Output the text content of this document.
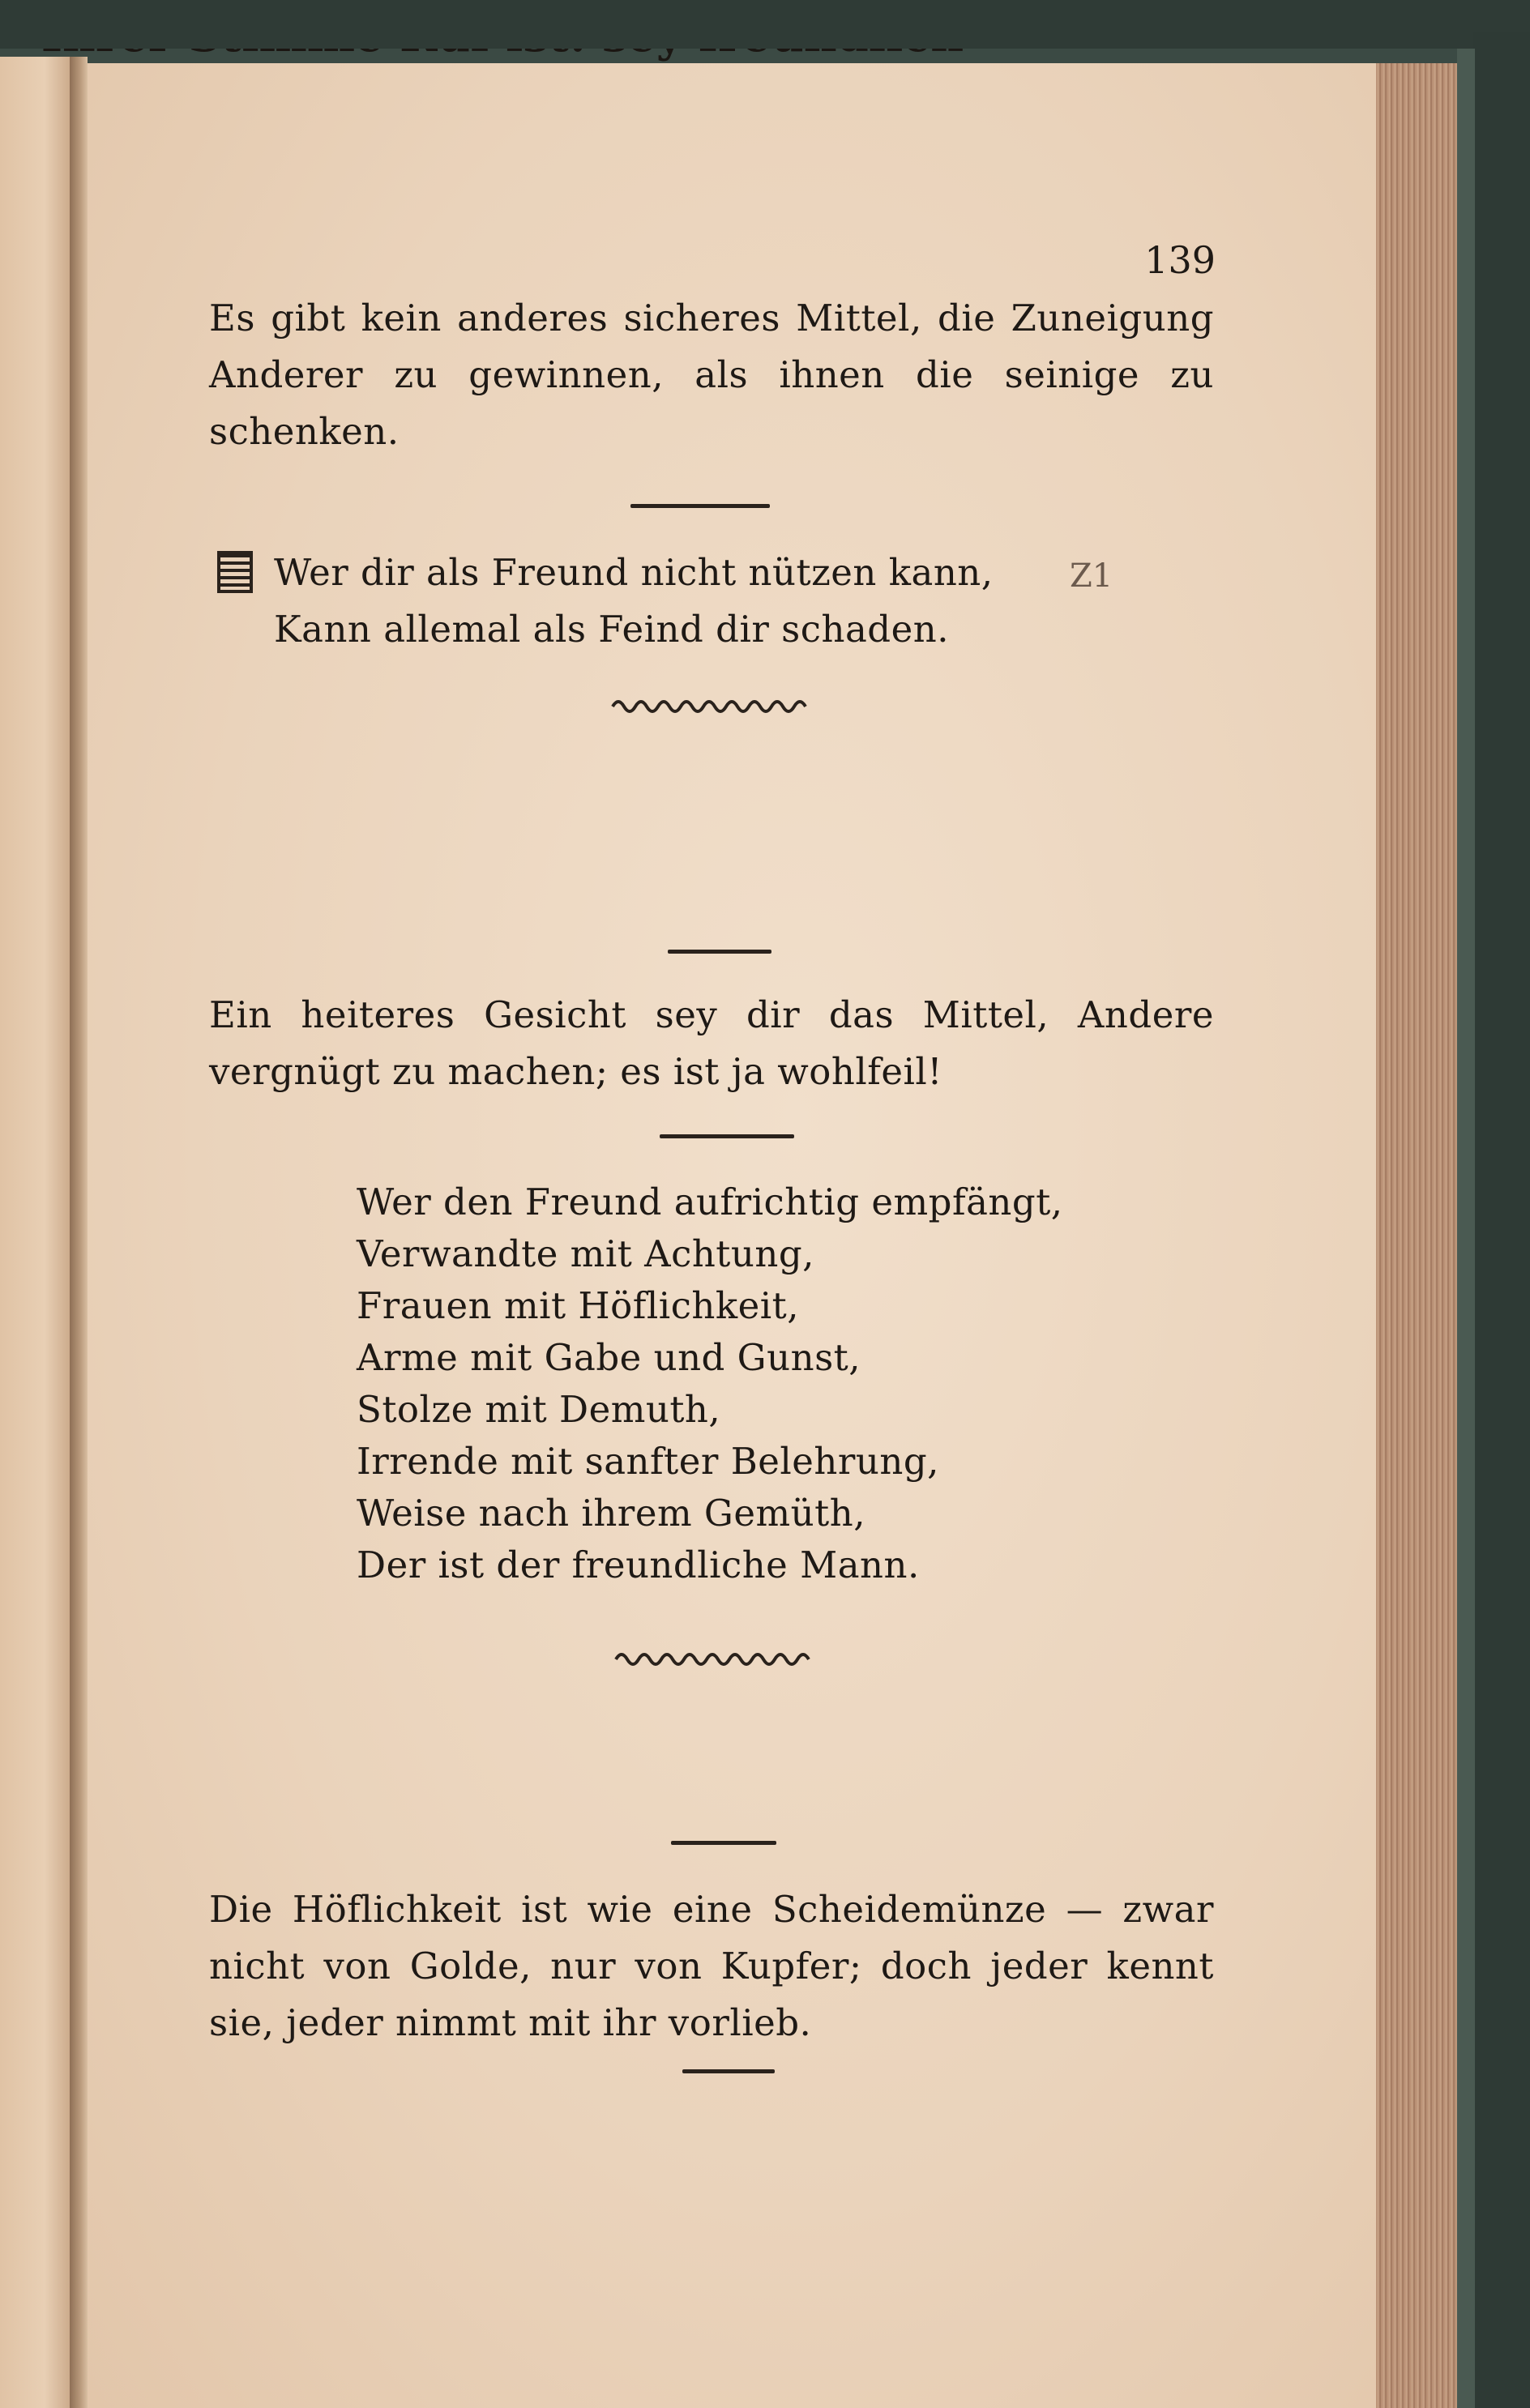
139
Es gibt kein anderes sicheres Mittel, die Zuneigung Anderer zu gewinnen, als ihnen die seinige zu schenken.
Z1
Wer dir als Freund nicht nützen kann,
Kann allemal als Feind dir schaden.
Ein heiteres Gesicht sey dir das Mittel, Andere vergnügt zu machen; es ist ja wohlfeil!
Wer den Freund aufrichtig empfängt,
Verwandte mit Achtung,
Frauen mit Höflichkeit,
Arme mit Gabe und Gunst,
Stolze mit Demuth,
Irrende mit sanfter Belehrung,
Weise nach ihrem Gemüth,
Der ist der freundliche Mann.
Die Höflichkeit ist wie eine Scheidemünze — zwar nicht von Golde, nur von Kupfer; doch jeder kennt sie, jeder nimmt mit ihr vorlieb.
